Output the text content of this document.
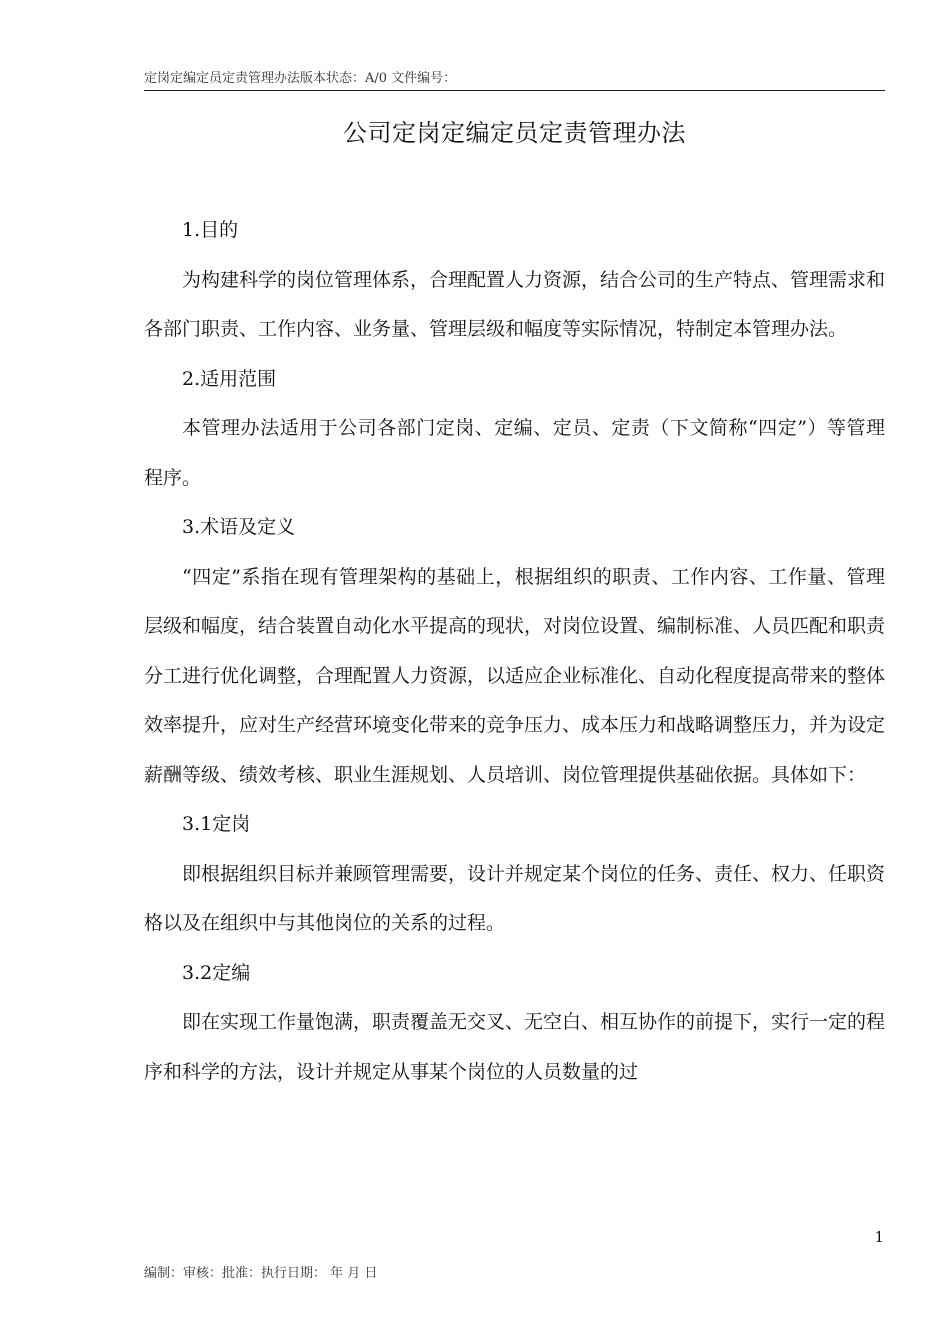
定岗定编定员定责管理办法版本状态：A/0 文件编号：
公司定岗定编定员定责管理办法

1.目的

为构建科学的岗位管理体系，合理配置人力资源，结合公司的生产特点、管理需求和各部门职责、工作内容、业务量、管理层级和幅度等实际情况，特制定本管理办法。

2.适用范围

本管理办法适用于公司各部门定岗、定编、定员、定责（下文简称“四定”）等管理程序。

3.术语及定义

“四定”系指在现有管理架构的基础上，根据组织的职责、工作内容、工作量、管理层级和幅度，结合装置自动化水平提高的现状，对岗位设置、编制标准、人员匹配和职责分工进行优化调整，合理配置人力资源，以适应企业标准化、自动化程度提高带来的整体效率提升，应对生产经营环境变化带来的竞争压力、成本压力和战略调整压力，并为设定薪酬等级、绩效考核、职业生涯规划、人员培训、岗位管理提供基础依据。具体如下：

3.1定岗

即根据组织目标并兼顾管理需要，设计并规定某个岗位的任务、责任、权力、任职资格以及在组织中与其他岗位的关系的过程。

3.2定编

即在实现工作量饱满，职责覆盖无交叉、无空白、相互协作的前提下，实行一定的程序和科学的方法，设计并规定从事某个岗位的人员数量的过

1
编制：审核：批准：执行日期： 年 月 日
